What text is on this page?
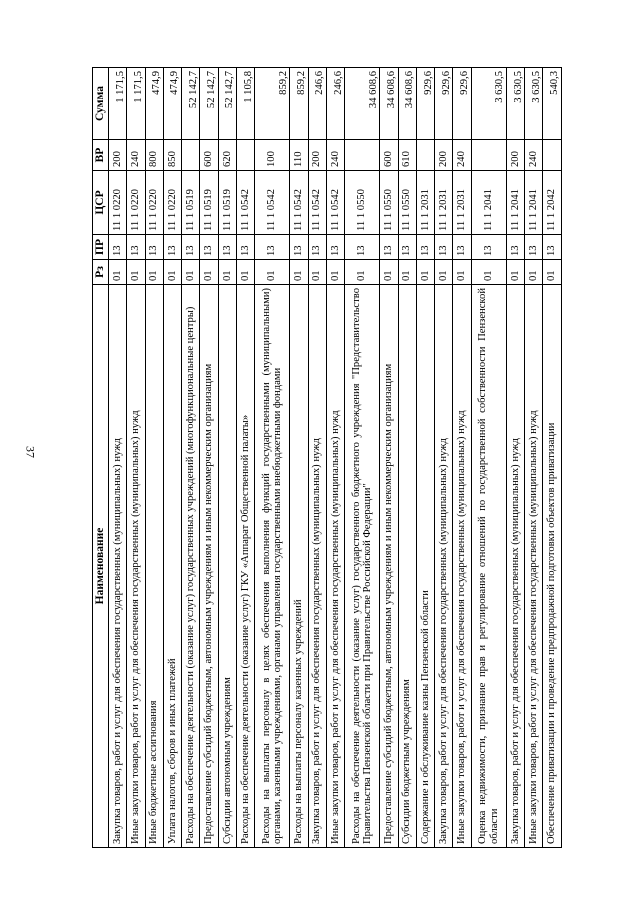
37
Наименование	Рз	ПР	ЦСР	ВР	Сумма
Закупка товаров, работ и услуг для обеспечения государственных (муниципальных) нужд	01	13	11 1 0220	200	1 171,5
Иные закупки товаров, работ и услуг для обеспечения государственных (муниципальных) нужд	01	13	11 1 0220	240	1 171,5
Иные бюджетные ассигнования	01	13	11 1 0220	800	474,9
Уплата налогов, сборов и иных платежей	01	13	11 1 0220	850	474,9
Расходы на обеспечение деятельности (оказание услуг) государственных учреждений (многофункциональные центры)	01	13	11 1 0519		52 142,7
Предоставление субсидий бюджетным, автономным учреждениям и иным некоммерческим организациям	01	13	11 1 0519	600	52 142,7
Субсидии автономным учреждениям	01	13	11 1 0519	620	52 142,7
Расходы на обеспечение деятельности (оказание услуг) ГКУ «Аппарат Общественной палаты»	01	13	11 1 0542		1 105,8
Расходы на выплаты персоналу в целях обеспечения выполнения функций государственными (муниципальными) органами, казенными учреждениями, органами управления государственными внебюджетными фондами	01	13	11 1 0542	100	859,2
Расходы на выплаты персоналу казенных учреждений	01	13	11 1 0542	110	859,2
Закупка товаров, работ и услуг для обеспечения государственных (муниципальных) нужд	01	13	11 1 0542	200	246,6
Иные закупки товаров, работ и услуг для обеспечения государственных (муниципальных) нужд	01	13	11 1 0542	240	246,6
Расходы на обеспечение деятельности (оказание услуг) государственного бюджетного учреждения "Представительство Правительства Пензенской области при Правительстве Российской Федерации"	01	13	11 1 0550		34 608,6
Предоставление субсидий бюджетным, автономным учреждениям и иным некоммерческим организациям	01	13	11 1 0550	600	34 608,6
Субсидии бюджетным учреждениям	01	13	11 1 0550	610	34 608,6
Содержание и обслуживание казны Пензенской области	01	13	11 1 2031		929,6
Закупка товаров, работ и услуг для обеспечения государственных (муниципальных) нужд	01	13	11 1 2031	200	929,6
Иные закупки товаров, работ и услуг для обеспечения государственных (муниципальных) нужд	01	13	11 1 2031	240	929,6
Оценка недвижимости, признание прав и регулирование отношений по государственной собственности Пензенской области	01	13	11 1 2041		3 630,5
Закупка товаров, работ и услуг для обеспечения государственных (муниципальных) нужд	01	13	11 1 2041	200	3 630,5
Иные закупки товаров, работ и услуг для обеспечения государственных (муниципальных) нужд	01	13	11 1 2041	240	3 630,5
Обеспечение приватизации и проведение предпродажной подготовки объектов приватизации	01	13	11 1 2042		540,3
